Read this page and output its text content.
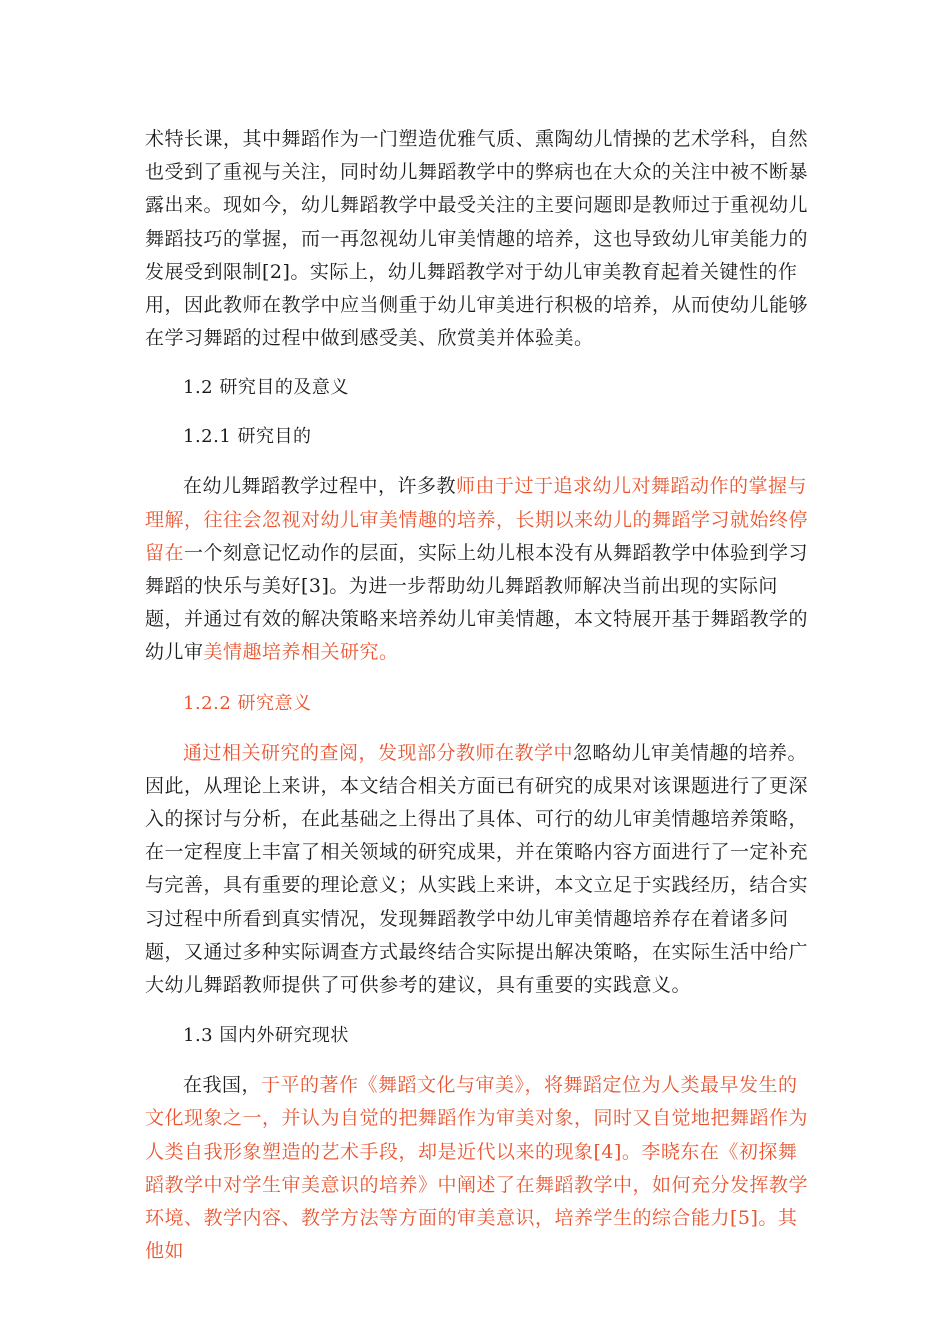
术特长课，其中舞蹈作为一门塑造优雅气质、熏陶幼儿情操的艺术学科，自然也受到了重视与关注，同时幼儿舞蹈教学中的弊病也在大众的关注中被不断暴露出来。现如今，幼儿舞蹈教学中最受关注的主要问题即是教师过于重视幼儿舞蹈技巧的掌握，而一再忽视幼儿审美情趣的培养，这也导致幼儿审美能力的发展受到限制[2]。实际上，幼儿舞蹈教学对于幼儿审美教育起着关键性的作用，因此教师在教学中应当侧重于幼儿审美进行积极的培养，从而使幼儿能够在学习舞蹈的过程中做到感受美、欣赏美并体验美。

1.2 研究目的及意义

1.2.1 研究目的

在幼儿舞蹈教学过程中，许多教师由于过于追求幼儿对舞蹈动作的掌握与理解，往往会忽视对幼儿审美情趣的培养，长期以来幼儿的舞蹈学习就始终停留在一个刻意记忆动作的层面，实际上幼儿根本没有从舞蹈教学中体验到学习舞蹈的快乐与美好[3]。为进一步帮助幼儿舞蹈教师解决当前出现的实际问题，并通过有效的解决策略来培养幼儿审美情趣，本文特展开基于舞蹈教学的幼儿审美情趣培养相关研究。

1.2.2 研究意义

通过相关研究的查阅，发现部分教师在教学中忽略幼儿审美情趣的培养。因此，从理论上来讲，本文结合相关方面已有研究的成果对该课题进行了更深入的探讨与分析，在此基础之上得出了具体、可行的幼儿审美情趣培养策略，在一定程度上丰富了相关领域的研究成果，并在策略内容方面进行了一定补充与完善，具有重要的理论意义；从实践上来讲，本文立足于实践经历，结合实习过程中所看到真实情况，发现舞蹈教学中幼儿审美情趣培养存在着诸多问题，又通过多种实际调查方式最终结合实际提出解决策略，在实际生活中给广大幼儿舞蹈教师提供了可供参考的建议，具有重要的实践意义。

1.3 国内外研究现状

在我国，于平的著作《舞蹈文化与审美》，将舞蹈定位为人类最早发生的文化现象之一，并认为自觉的把舞蹈作为审美对象，同时又自觉地把舞蹈作为人类自我形象塑造的艺术手段，却是近代以来的现象[4]。李晓东在《初探舞蹈教学中对学生审美意识的培养》中阐述了在舞蹈教学中，如何充分发挥教学环境、教学内容、教学方法等方面的审美意识，培养学生的综合能力[5]。其他如
